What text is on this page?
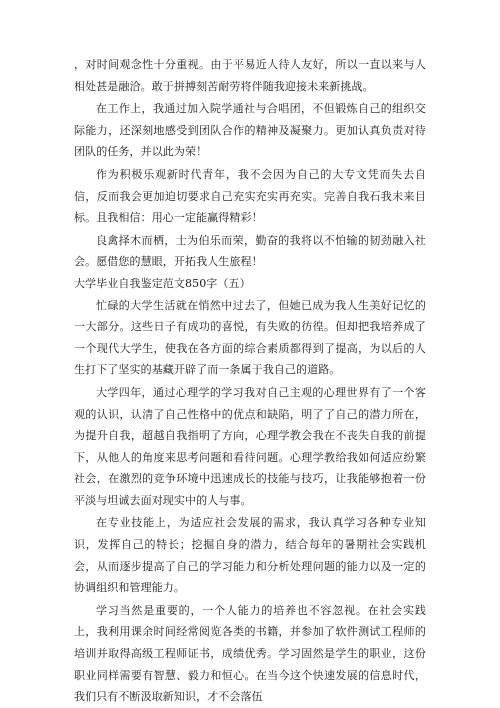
，对时间观念性十分重视。由于平易近人待人友好，所以一直以来与人相处甚是融洽。敢于拼搏刻苦耐劳将伴随我迎接未来新挑战。

在工作上，我通过加入院学通社与合唱团，不但锻炼自己的组织交际能力，还深刻地感受到团队合作的精神及凝聚力。更加认真负责对待团队的任务，并以此为荣！

作为积极乐观新时代青年，我不会因为自己的大专文凭而失去自信，反而我会更加迫切要求自己充实充实再充实。完善自我石我未来目标。且我相信：用心一定能赢得精彩！

良禽择木而栖，士为伯乐而荣，勤奋的我将以不怕输的韧劲融入社会。愿借您的慧眼，开拓我人生旅程！

大学毕业自我鉴定范文850字（五）

忙碌的大学生活就在悄然中过去了，但她已成为我人生美好记忆的一大部分。这些日子有成功的喜悦，有失败的彷徨。但却把我培养成了一个现代大学生，使我在各方面的综合素质都得到了提高，为以后的人生打下了坚实的基藏开辟了而一条属于我自己的道路。

大学四年，通过心理学的学习我对自己主观的心理世界有了一个客观的认识，认清了自己性格中的优点和缺陷，明了了自己的潜力所在，为提升自我，超越自我指明了方向，心理学教会我在不丧失自我的前提下，从他人的角度来思考问题和看待问题。心理学教给我如何适应纷繁社会，在激烈的竞争环境中迅速成长的技能与技巧，让我能够抱着一份平淡与坦诚去面对现实中的人与事。

在专业技能上，为适应社会发展的需求，我认真学习各种专业知识，发挥自己的特长；挖掘自身的潜力，结合每年的暑期社会实践机会，从而逐步提高了自己的学习能力和分析处理问题的能力以及一定的协调组织和管理能力。

学习当然是重要的，一个人能力的培养也不容忽视。在社会实践上，我利用课余时间经常阅览各类的书籍，并参加了软件测试工程师的培训并取得高级工程师证书，成绩优秀。学习固然是学生的职业，这份职业同样需要有智慧、毅力和恒心。在当今这个快速发展的信息时代，我们只有不断汲取新知识，才不会落伍
